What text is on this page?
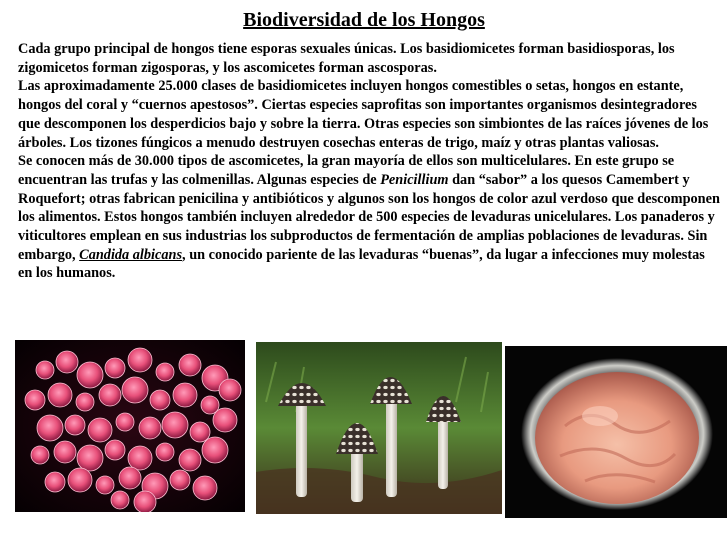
Biodiversidad de los Hongos

Cada grupo principal de hongos tiene esporas sexuales únicas. Los basidiomicetes forman basidiosporas, los zigomicetos forman zigosporas, y los ascomicetes forman ascosporas.

Las aproximadamente 25.000 clases de basidiomicetes incluyen hongos comestibles o setas, hongos en estante, hongos del coral y “cuernos apestosos”. Ciertas especies saprofitas son importantes organismos desintegradores que descomponen los desperdicios bajo y sobre la tierra. Otras especies son simbiontes de las raíces jóvenes de los árboles. Los tizones fúngicos a menudo destruyen cosechas enteras de trigo, maíz y otras plantas valiosas.

Se conocen más de 30.000 tipos de ascomicetes, la gran mayoría de ellos son multicelulares. En este grupo se encuentran las trufas y las colmenillas. Algunas especies de Penicillium dan “sabor” a los quesos Camembert y Roquefort; otras fabrican penicilina y antibióticos y algunos son los hongos de color azul verdoso que descomponen los alimentos. Estos hongos también incluyen alrededor de 500 especies de levaduras unicelulares. Los panaderos y viticultores emplean en sus industrias los subproductos de fermentación de amplias poblaciones de levaduras. Sin embargo, Candida albicans, un conocido pariente de las levaduras “buenas”, da lugar a infecciones muy molestas en los humanos.
